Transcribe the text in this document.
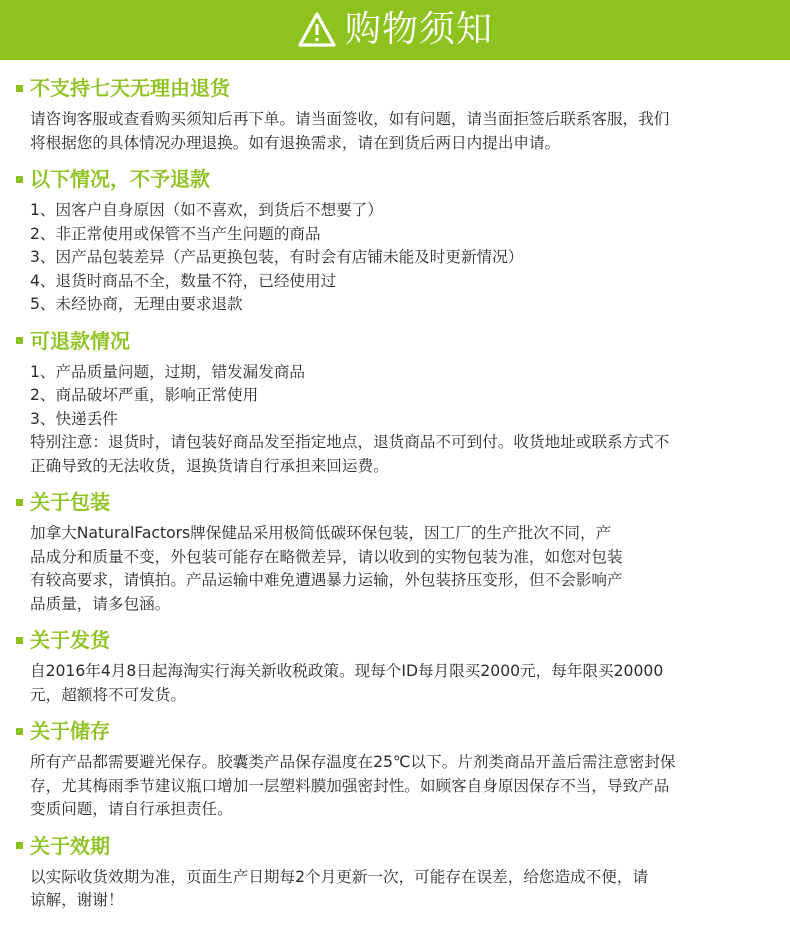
购物须知
不支持七天无理由退货
请咨询客服或查看购买须知后再下单。请当面签收，如有问题，请当面拒签后联系客服，我们
将根据您的具体情况办理退换。如有退换需求，请在到货后两日内提出申请。
以下情况，不予退款
1、因客户自身原因（如不喜欢，到货后不想要了）
2、非正常使用或保管不当产生问题的商品
3、因产品包装差异（产品更换包装，有时会有店铺未能及时更新情况）
4、退货时商品不全，数量不符，已经使用过
5、未经协商，无理由要求退款
可退款情况
1、产品质量问题，过期，错发漏发商品
2、商品破坏严重，影响正常使用
3、快递丢件
特别注意：退货时，请包装好商品发至指定地点，退货商品不可到付。收货地址或联系方式不
正确导致的无法收货，退换货请自行承担来回运费。
关于包装
加拿大NaturalFactors牌保健品采用极简低碳环保包装，因工厂的生产批次不同，产
品成分和质量不变，外包装可能存在略微差异，请以收到的实物包装为准，如您对包装
有较高要求，请慎拍。产品运输中难免遭遇暴力运输，外包装挤压变形，但不会影响产
品质量，请多包涵。
关于发货
自2016年4月8日起海淘实行海关新收税政策。现每个ID每月限买2000元，每年限买20000
元，超额将不可发货。
关于储存
所有产品都需要避光保存。胶囊类产品保存温度在25℃以下。片剂类商品开盖后需注意密封保
存，尤其梅雨季节建议瓶口增加一层塑料膜加强密封性。如顾客自身原因保存不当，导致产品
变质问题，请自行承担责任。
关于效期
以实际收货效期为准，页面生产日期每2个月更新一次，可能存在误差，给您造成不便，请
谅解，谢谢！
